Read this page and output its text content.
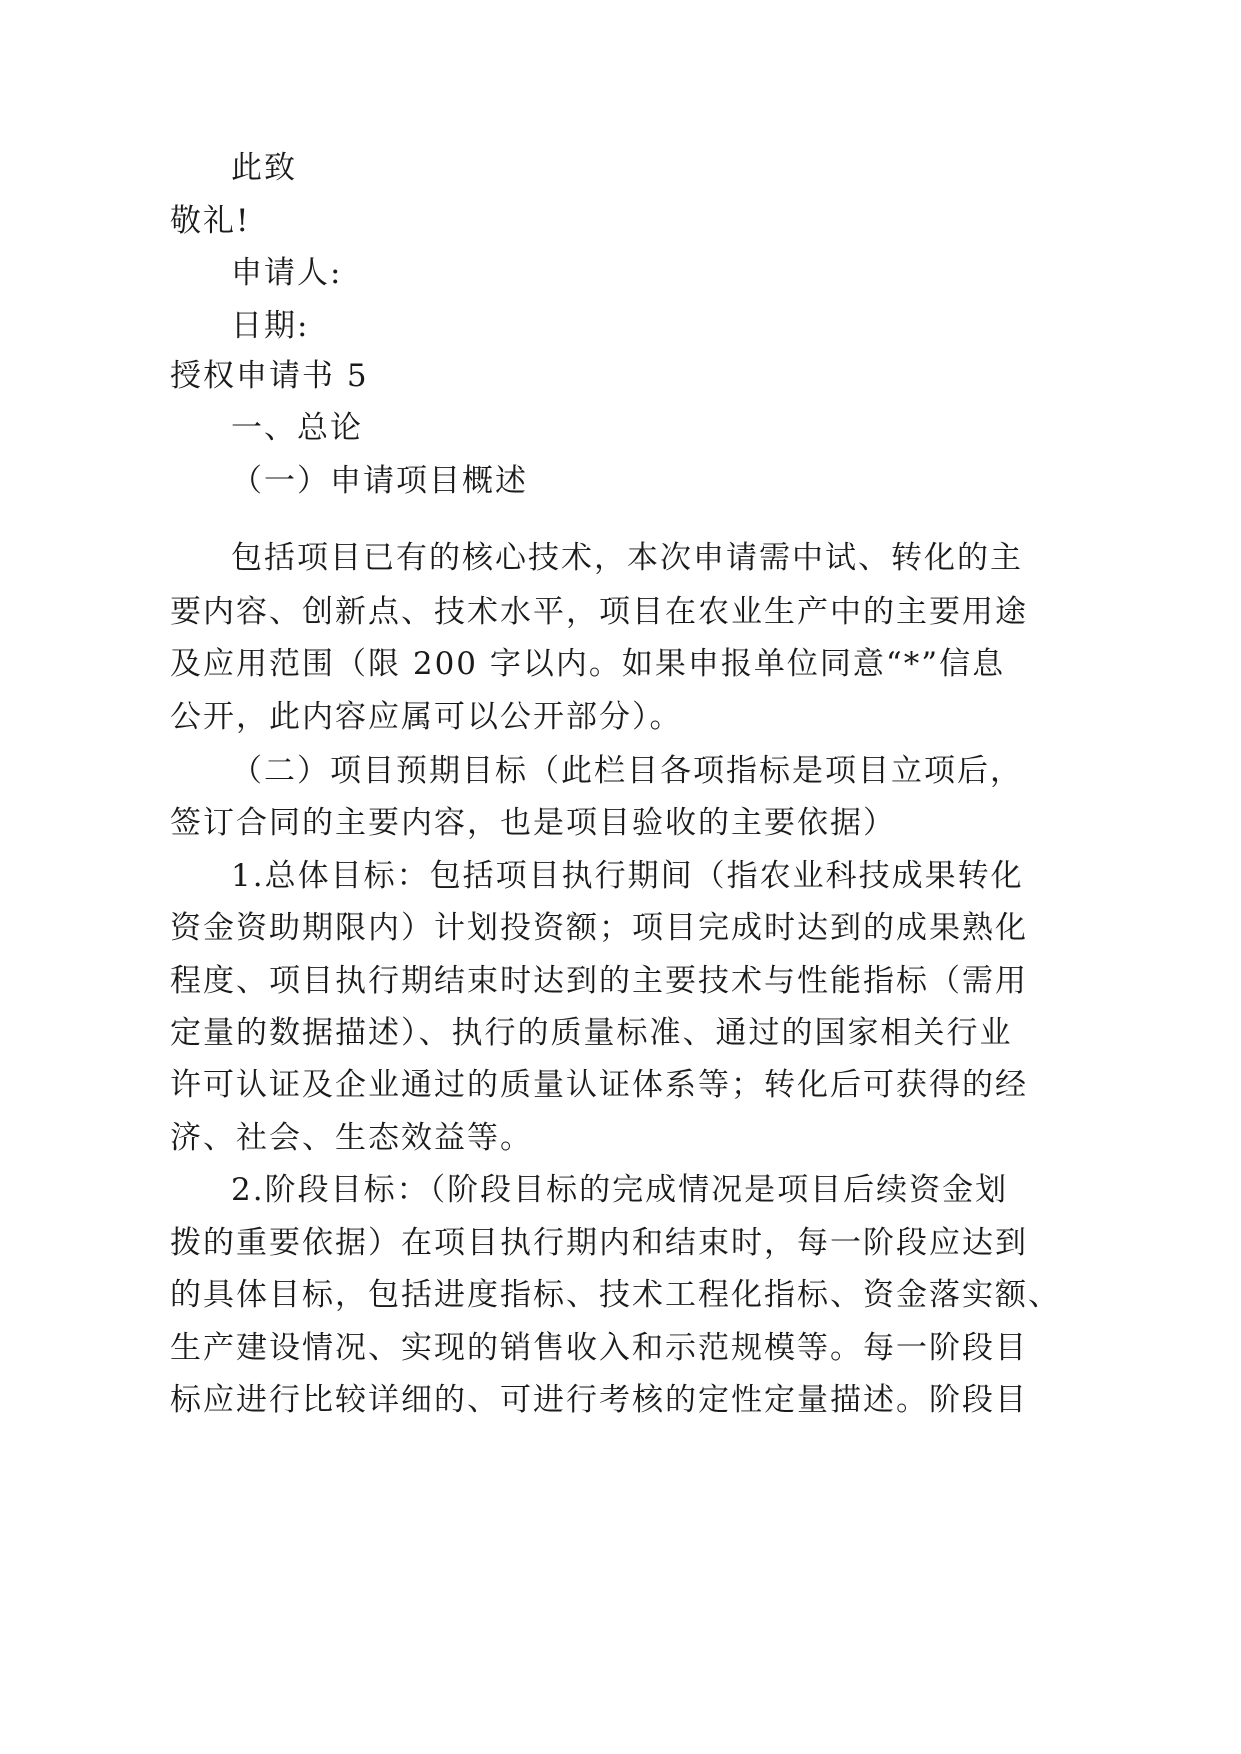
此致
敬礼!
申请人:
日期:
授权申请书 5
一、总论
（一）申请项目概述
包括项目已有的核心技术，本次申请需中试、转化的主
要内容、创新点、技术水平，项目在农业生产中的主要用途
及应用范围（限 200 字以内。如果申报单位同意“*”信息
公开，此内容应属可以公开部分）。
（二）项目预期目标（此栏目各项指标是项目立项后，
签订合同的主要内容，也是项目验收的主要依据）
1.总体目标：包括项目执行期间（指农业科技成果转化
资金资助期限内）计划投资额；项目完成时达到的成果熟化
程度、项目执行期结束时达到的主要技术与性能指标（需用
定量的数据描述）、执行的质量标准、通过的国家相关行业
许可认证及企业通过的质量认证体系等；转化后可获得的经
济、社会、生态效益等。
2.阶段目标：（阶段目标的完成情况是项目后续资金划
拨的重要依据）在项目执行期内和结束时，每一阶段应达到
的具体目标，包括进度指标、技术工程化指标、资金落实额、
生产建设情况、实现的销售收入和示范规模等。每一阶段目
标应进行比较详细的、可进行考核的定性定量描述。阶段目
